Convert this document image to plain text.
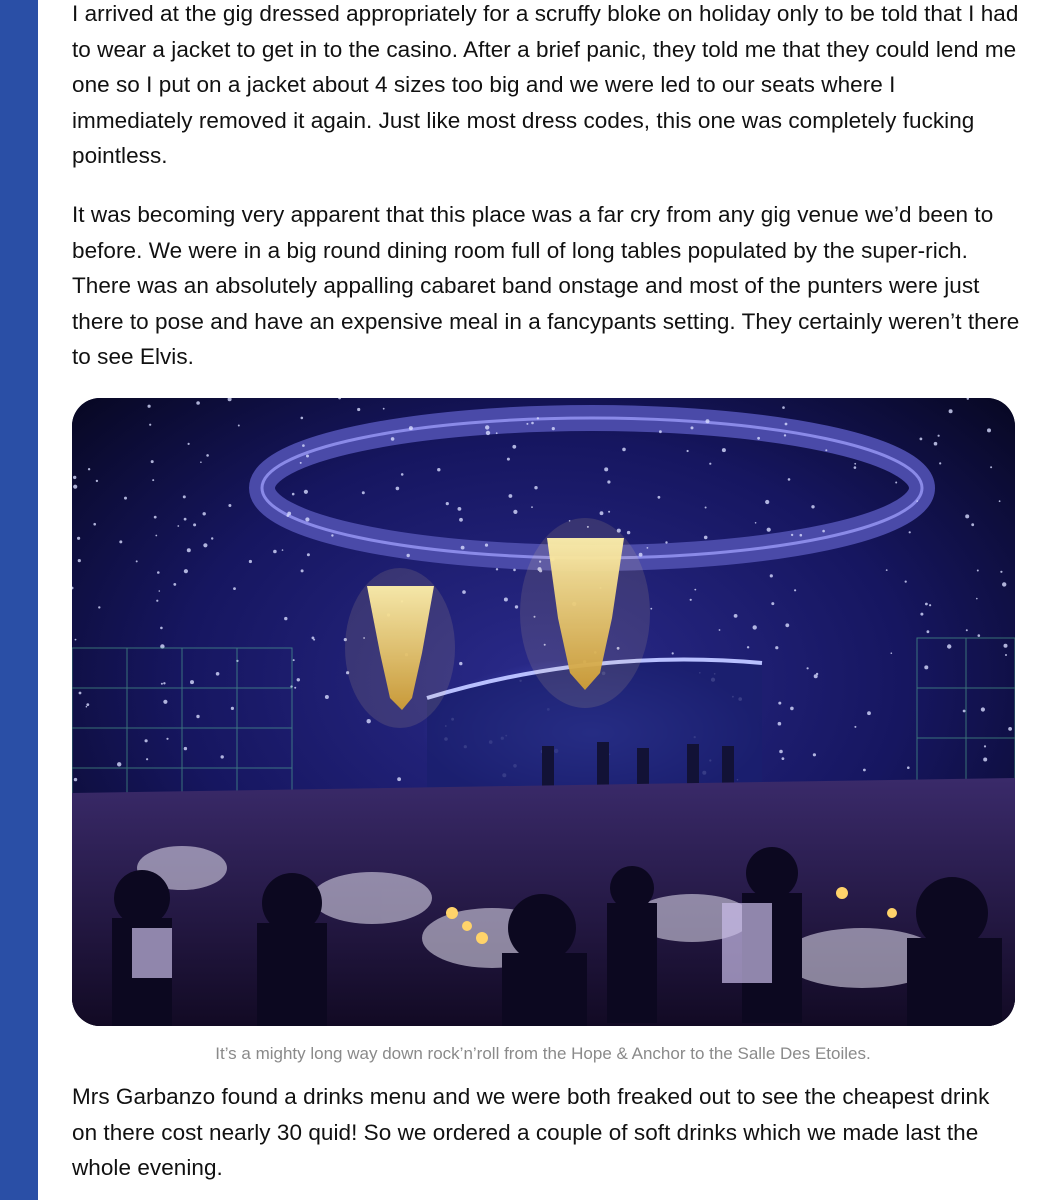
I arrived at the gig dressed appropriately for a scruffy bloke on holiday only to be told that I had to wear a jacket to get in to the casino. After a brief panic, they told me that they could lend me one so I put on a jacket about 4 sizes too big and we were led to our seats where I immediately removed it again. Just like most dress codes, this one was completely fucking pointless.

It was becoming very apparent that this place was a far cry from any gig venue we’d been to before. We were in a big round dining room full of long tables populated by the super-rich. There was an absolutely appalling cabaret band onstage and most of the punters were just there to pose and have an expensive meal in a fancypants setting. They certainly weren’t there to see Elvis.

Mrs Garbanzo found a drinks menu and we were both freaked out to see the cheapest drink on there cost nearly 30 quid! So we ordered a couple of soft drinks which we made last the whole evening.

It’s a mighty long way down rock’n’roll from the Hope & Anchor to the Salle Des Etoiles.
